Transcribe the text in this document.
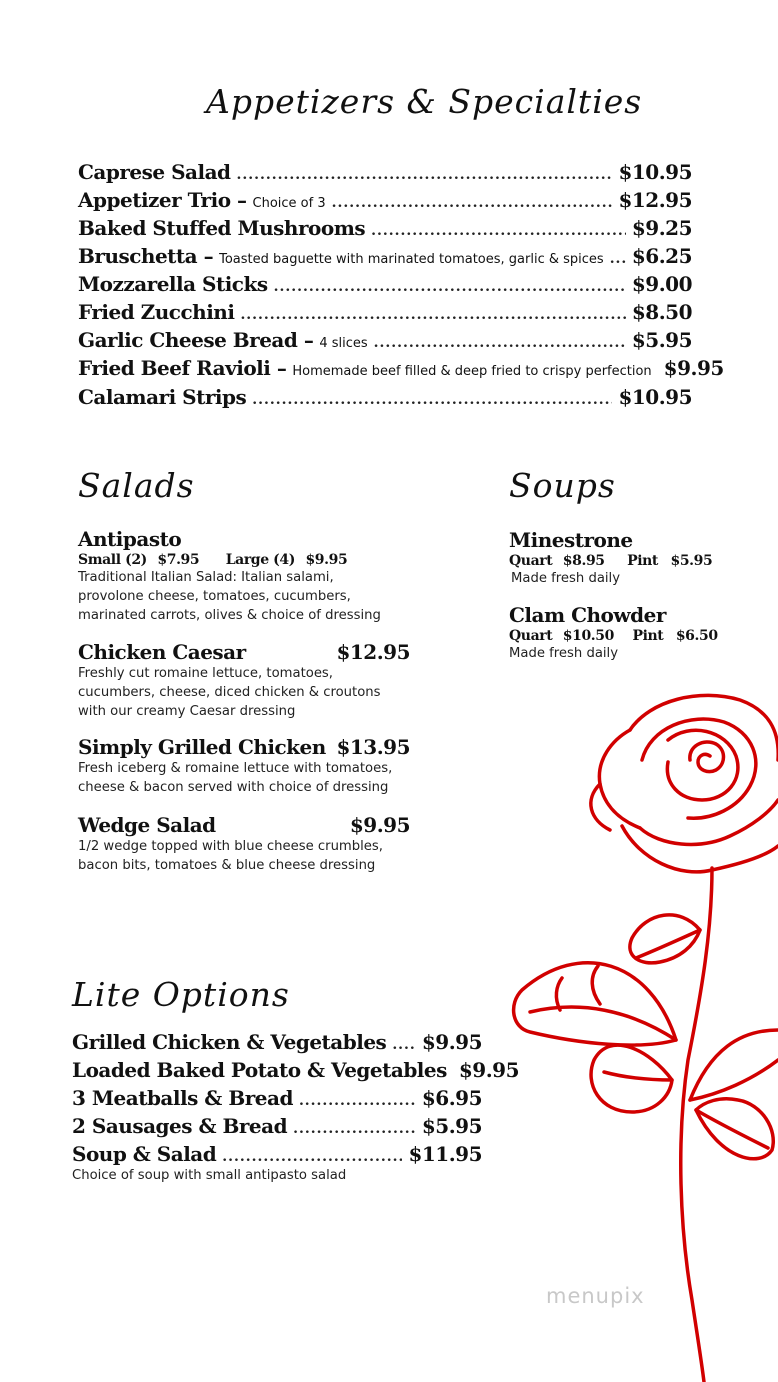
Appetizers & Specialties
Caprese Salad .....	$10.95
Appetizer Trio – Choice of 3 .....	$12.95
Baked Stuffed Mushrooms .....	$9.25
Bruschetta – Toasted baguette with marinated tomatoes, garlic & spices ..... $6.25
Mozzarella Sticks .....	$9.00
Fried Zucchini .....	$8.50
Garlic Cheese Bread – 4 slices .....	$5.95
Fried Beef Ravioli – Homemade beef filled & deep fried to crispy perfection $9.95
Calamari Strips .....	$10.95
Salads
Antipasto
Small (2) $7.95 Large (4) $9.95
Traditional Italian Salad: Italian salami,
provolone cheese, tomatoes, cucumbers,
marinated carrots, olives & choice of dressing
Chicken Caesar	$12.95
Freshly cut romaine lettuce, tomatoes,
cucumbers, cheese, diced chicken & croutons
with our creamy Caesar dressing
Simply Grilled Chicken $13.95
Fresh iceberg & romaine lettuce with tomatoes,
cheese & bacon served with choice of dressing
Wedge Salad	$9.95
1/2 wedge topped with blue cheese crumbles,
bacon bits, tomatoes & blue cheese dressing
Soups
Minestrone
Quart $8.95 Pint $5.95
Made fresh daily
Clam Chowder
Quart $10.50 Pint $6.50
Made fresh daily
Lite Options
Grilled Chicken & Vegetables ..... $9.95
Loaded Baked Potato & Vegetables $9.95
3 Meatballs & Bread .....	$6.95
2 Sausages & Bread .....	$5.95
Soup & Salad .....	$11.95
Choice of soup with small antipasto salad
menupix
